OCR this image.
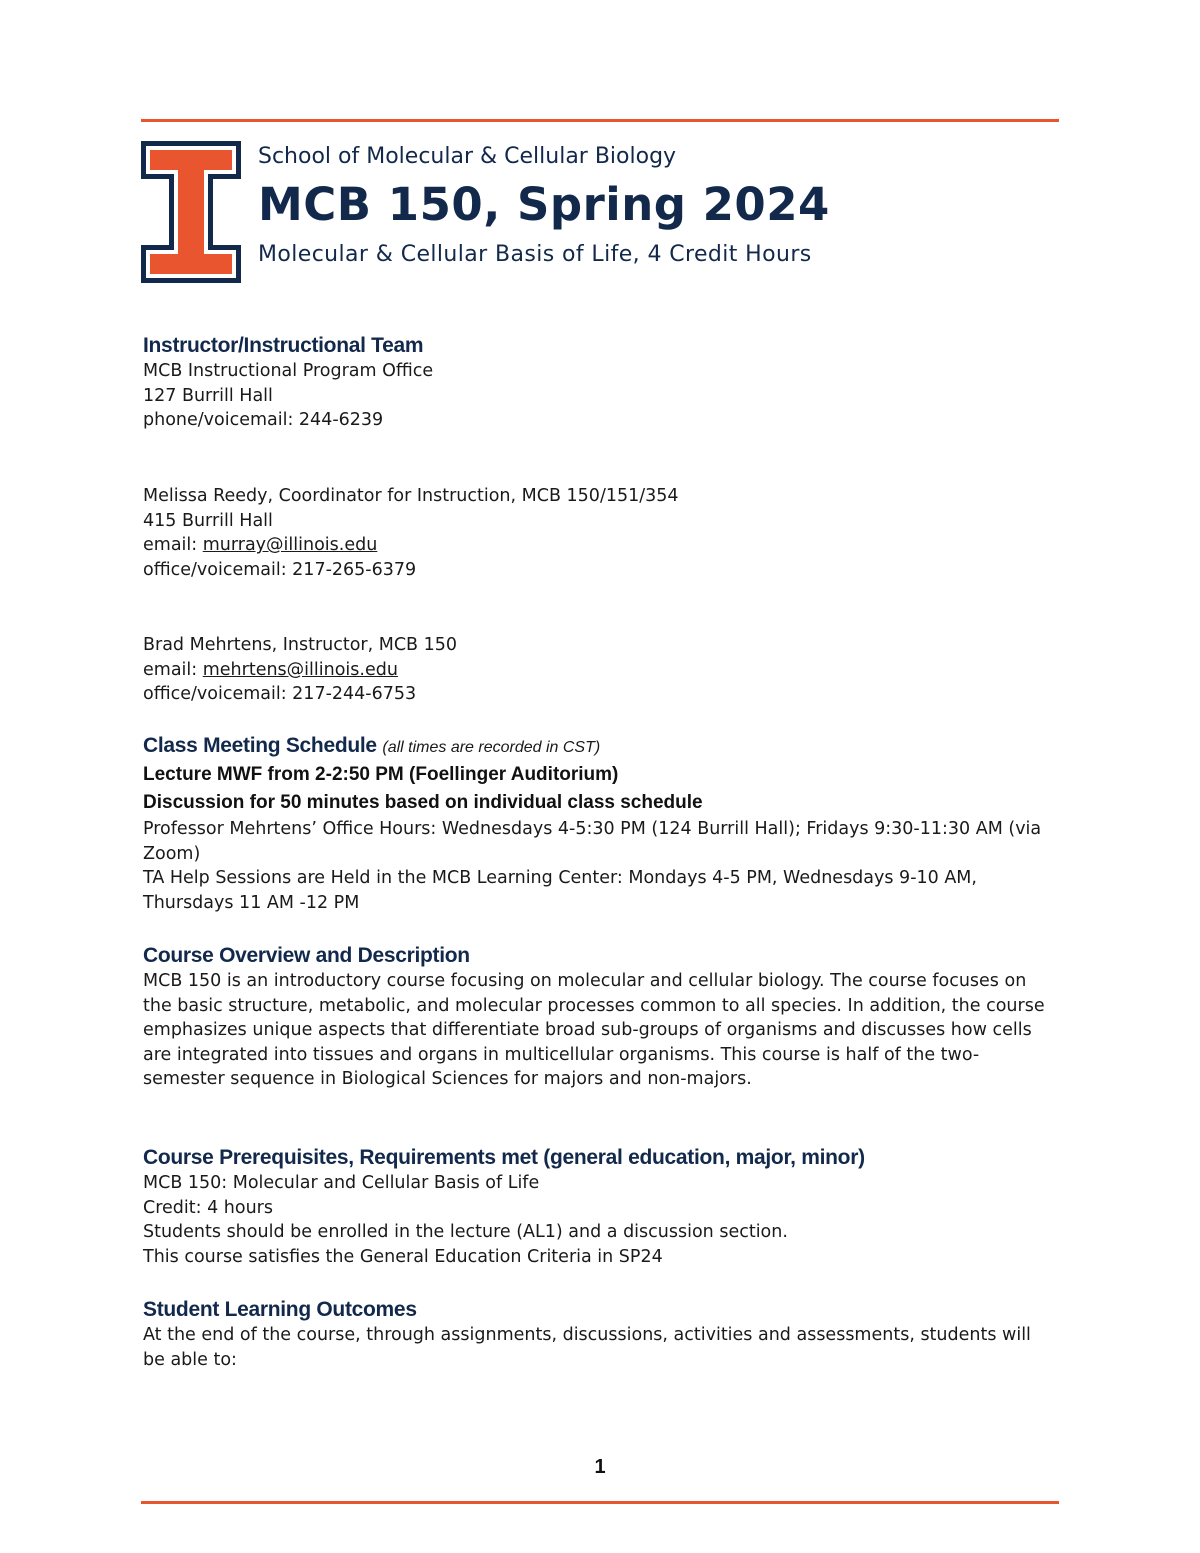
School of Molecular & Cellular Biology
MCB 150, Spring 2024
Molecular & Cellular Basis of Life, 4 Credit Hours
Instructor/Instructional Team
MCB Instructional Program Office
127 Burrill Hall
phone/voicemail: 244-6239
Melissa Reedy, Coordinator for Instruction, MCB 150/151/354
415 Burrill Hall
email: murray@illinois.edu
office/voicemail: 217-265-6379
Brad Mehrtens, Instructor, MCB 150
email: mehrtens@illinois.edu
office/voicemail: 217-244-6753
Class Meeting Schedule (all times are recorded in CST)
Lecture MWF from 2-2:50 PM (Foellinger Auditorium)
Discussion for 50 minutes based on individual class schedule
Professor Mehrtens’ Office Hours: Wednesdays 4-5:30 PM (124 Burrill Hall); Fridays 9:30-11:30 AM (via Zoom)
TA Help Sessions are Held in the MCB Learning Center: Mondays 4-5 PM, Wednesdays 9-10 AM, Thursdays 11 AM -12 PM
Course Overview and Description
MCB 150 is an introductory course focusing on molecular and cellular biology. The course focuses on the basic structure, metabolic, and molecular processes common to all species. In addition, the course emphasizes unique aspects that differentiate broad sub-groups of organisms and discusses how cells are integrated into tissues and organs in multicellular organisms. This course is half of the two-semester sequence in Biological Sciences for majors and non-majors.
Course Prerequisites, Requirements met (general education, major, minor)
MCB 150: Molecular and Cellular Basis of Life
Credit: 4 hours
Students should be enrolled in the lecture (AL1) and a discussion section.
This course satisfies the General Education Criteria in SP24
Student Learning Outcomes
At the end of the course, through assignments, discussions, activities and assessments, students will be able to:
1
